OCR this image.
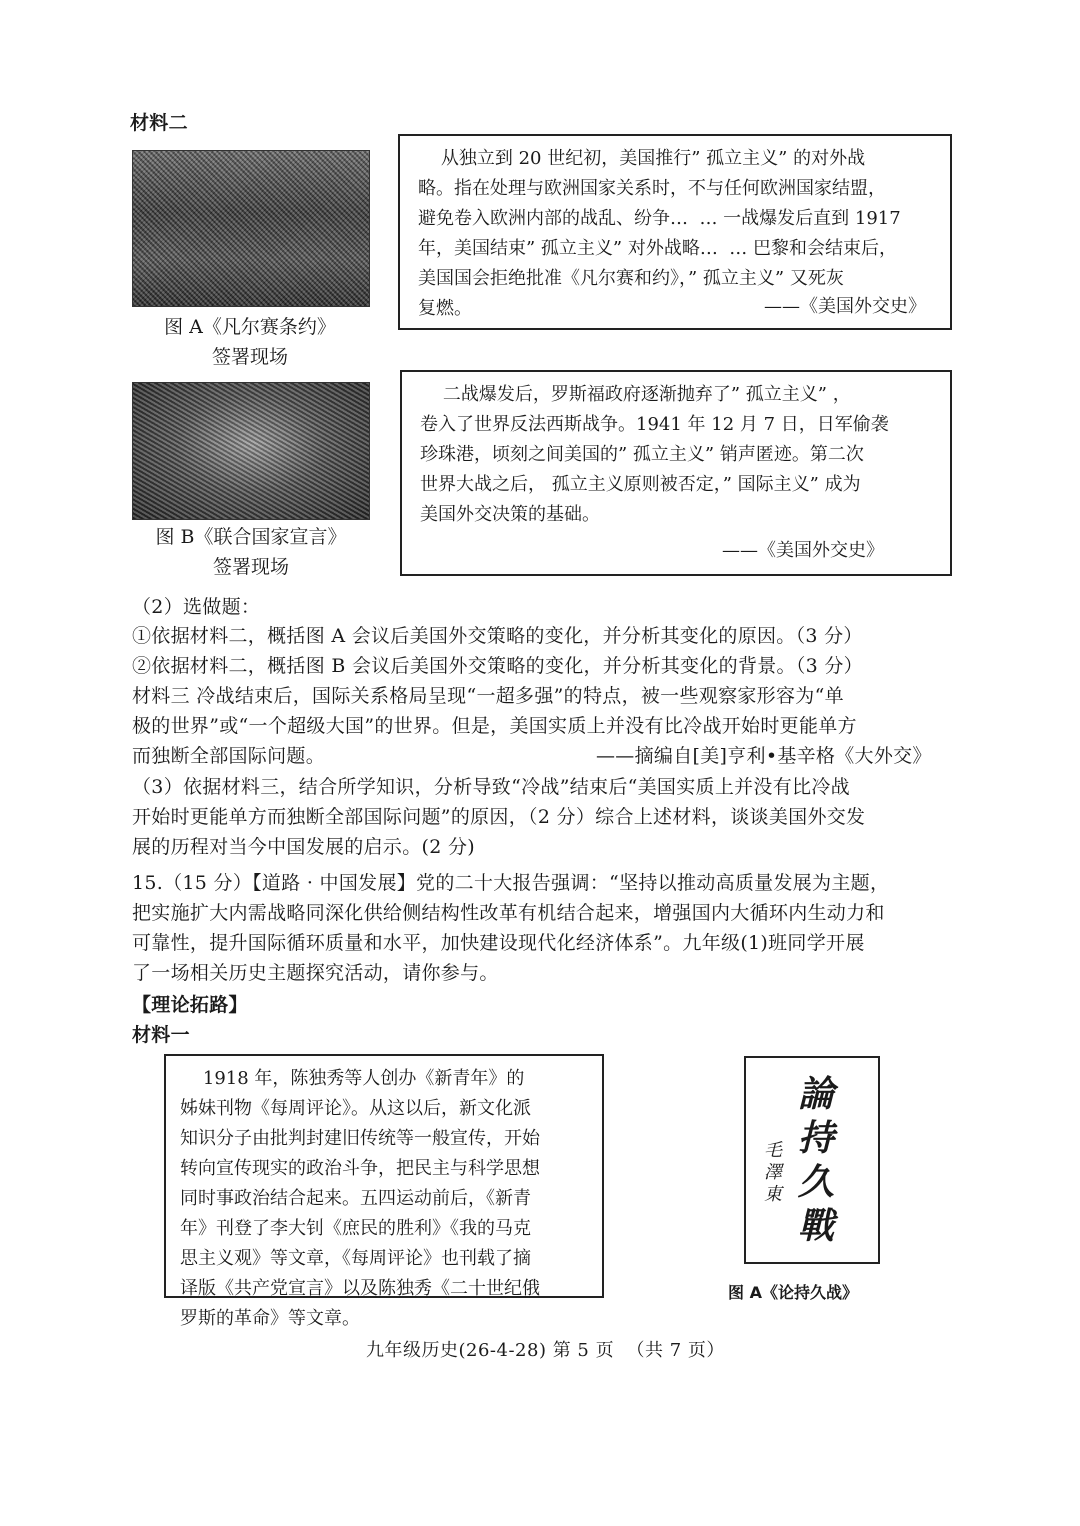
材料二
图 A《凡尔赛条约》
签署现场
从独立到 20 世纪初，美国推行” 孤立主义” 的对外战
略。指在处理与欧洲国家关系时，不与任何欧洲国家结盟，
避免卷入欧洲内部的战乱、纷争…  … 一战爆发后直到 1917
年，美国结束” 孤立主义” 对外战略…  … 巴黎和会结束后，
美国国会拒绝批准《凡尔赛和约》，” 孤立主义” 又死灰
复燃。	——《美国外交史》
图 B《联合国家宣言》
签署现场
二战爆发后，罗斯福政府逐渐抛弃了” 孤立主义” ，
卷入了世界反法西斯战争。1941 年 12 月 7 日，日军偷袭
珍珠港，顷刻之间美国的” 孤立主义” 销声匿迹。第二次
世界大战之后， 孤立主义原则被否定，” 国际主义” 成为
美国外交决策的基础。
——《美国外交史》
（2）选做题：
①依据材料二，概括图 A 会议后美国外交策略的变化，并分析其变化的原因。（3 分）
②依据材料二，概括图 B 会议后美国外交策略的变化，并分析其变化的背景。（3 分）
材料三 冷战结束后，国际关系格局呈现“一超多强”的特点，被一些观察家形容为“单
极的世界”或“一个超级大国”的世界。但是，美国实质上并没有比冷战开始时更能单方
而独断全部国际问题。	——摘编自[美]亨利•基辛格《大外交》
（3）依据材料三，结合所学知识，分析导致“冷战”结束后“美国实质上并没有比冷战
开始时更能单方而独断全部国际问题”的原因，（2 分）综合上述材料，谈谈美国外交发
展的历程对当今中国发展的启示。(2 分)
15.（15 分）【道路 · 中国发展】党的二十大报告强调：“坚持以推动高质量发展为主题，
把实施扩大内需战略同深化供给侧结构性改革有机结合起来，增强国内大循环内生动力和
可靠性，提升国际循环质量和水平，加快建设现代化经济体系”。九年级(1)班同学开展
了一场相关历史主题探究活动，请你参与。
【理论拓路】
材料一
1918 年，陈独秀等人创办《新青年》的
姊妹刊物《每周评论》。从这以后，新文化派
知识分子由批判封建旧传统等一般宣传，开始
转向宣传现实的政治斗争，把民主与科学思想
同时事政治结合起来。五四运动前后，《新青
年》刊登了李大钊《庶民的胜利》《我的马克
思主义观》等文章，《每周评论》也刊载了摘
译版《共产党宣言》以及陈独秀《二十世纪俄
罗斯的革命》等文章。
論持久戰
毛澤東
图 A《论持久战》
九年级历史(26-4-28) 第 5 页  （共 7 页）
